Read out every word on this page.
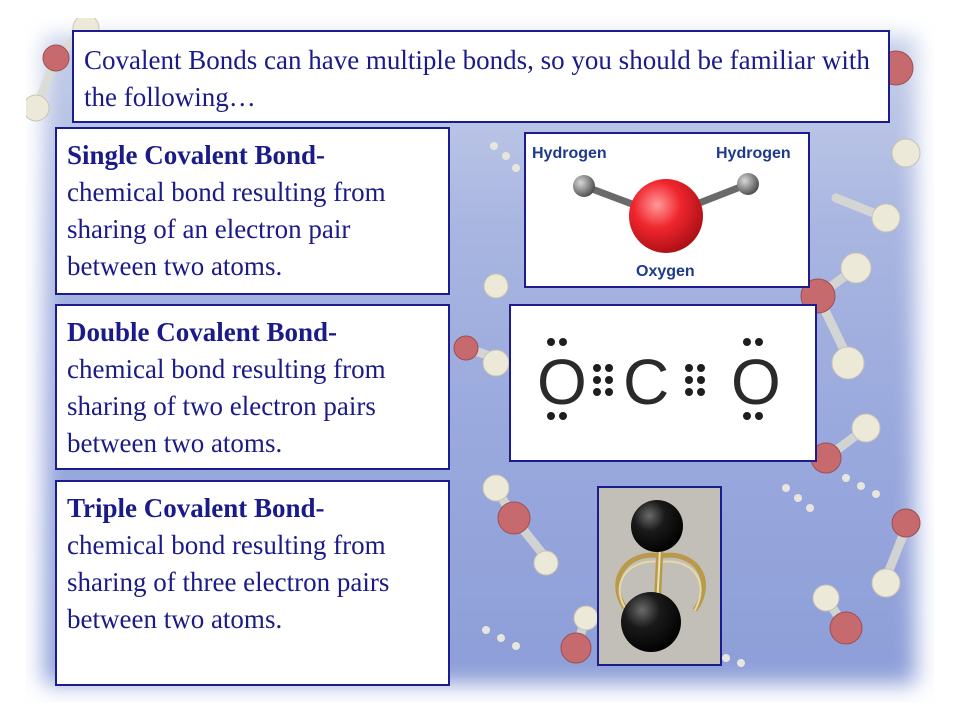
Covalent Bonds can have multiple bonds, so you should be familiar with the following…
Single Covalent Bond-
chemical bond resulting from sharing of an electron pair between two atoms.
Double Covalent Bond-
chemical bond resulting from sharing of two electron pairs between two atoms.
Triple Covalent Bond-
chemical bond resulting from sharing of three electron pairs between two atoms.
Hydrogen	Hydrogen
Oxygen
O C O
